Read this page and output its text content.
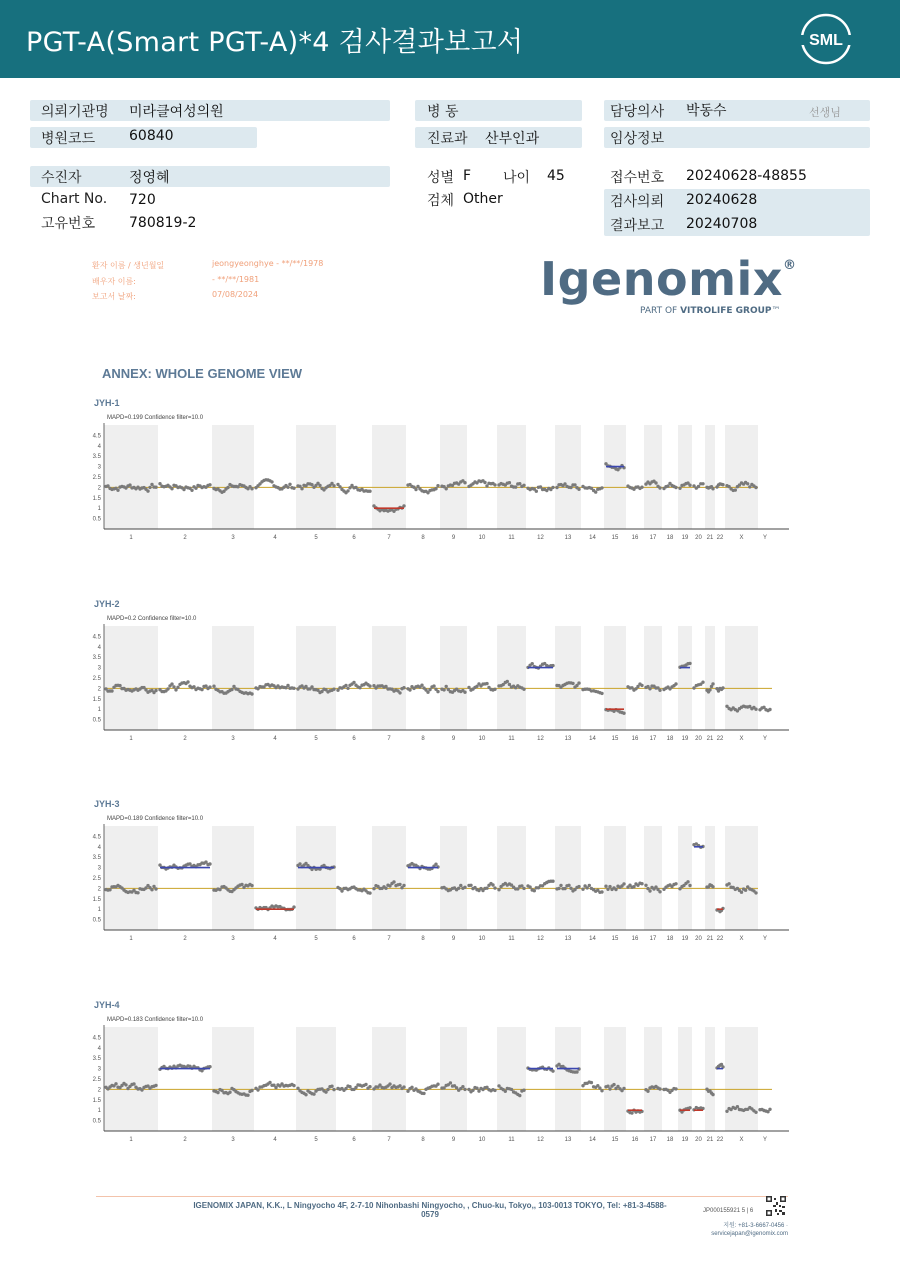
PGT-A(Smart PGT-A)*4 검사결과보고서	SML
의뢰기관명 미라클여성의원
병원코드 60840
병 동
진료과 산부인과
담당의사 박동수	선생님
임상정보
수진자	정영혜
Chart No. 720
고유번호 780819-2
성별 F 나이 45
검체 Other
접수번호 20240628-48855
검사의뢰 20240628
결과보고 20240708
환자 이름 / 생년월일	jeongyeonghye - **/**/1978
배우자 이름:	- **/**/1981
보고서 날짜:	07/08/2024	Igenomix®
PART OF VITROLIFE GROUP™
ANNEX: WHOLE GENOME VIEW
JYH-1
MAPD=0.199 Confidence filter=10.0
4.5
4
3.5
3
2.5
2
1.5
1
0.5
1	2	3	4	5	6	7	8	9	10	11	12	13	14	15 16 17 18 19 20 21 22	X	Y
JYH-2
MAPD=0.2 Confidence filter=10.0
4.5
4
3.5
3
2.5
2
1.5
1
0.5
1	2	3	4	5	6	7	8	9	10	11	12	13	14	15 16 17 18 19 20 21 22	X	Y
JYH-3
MAPD=0.189 Confidence filter=10.0
4.5
4
3.5
3
2.5
2
1.5
1
0.5
1	2	3	4	5	6	7	8	9	10	11	12	13	14	15 16 17 18 19 20 21 22	X	Y
JYH-4
MAPD=0.183 Confidence filter=10.0
4.5
4
3.5
3
2.5
2
1.5
1
0.5
1	2	3	4	5	6	7	8	9	10	11	12	13	14	15 16 17 18 19 20 21 22	X	Y
IGENOMIX JAPAN, K.K., L Ningyocho 4F, 2-7-10 Nihonbashi Ningyocho, , Chuo-ku, Tokyo,, 103-0013 TOKYO, Tel: +81-3-4588-0579	JP000155921 5 | 6
지원: +81-3-6667-0456 ·
servicejapan@igenomix.com
